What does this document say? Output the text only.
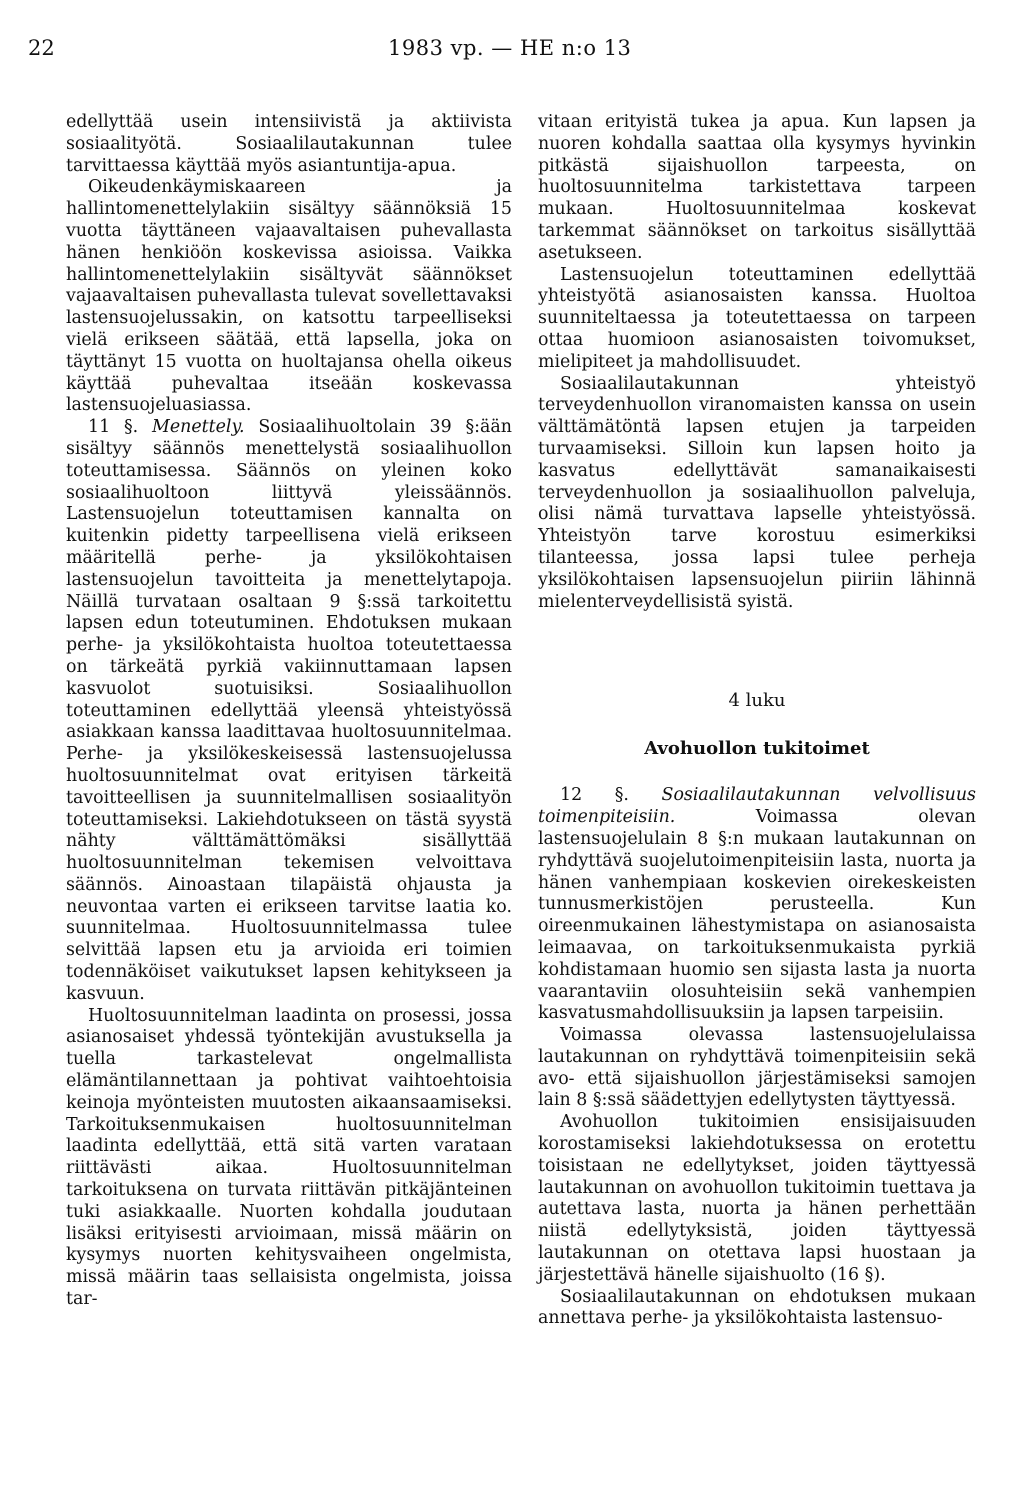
22	1983 vp. — HE n:o 13

edellyttää usein intensiivistä ja aktiivista sosiaalityötä. Sosiaalilautakunnan tulee tarvittaessa käyttää myös asiantuntija-apua.

Oikeudenkäymiskaareen ja hallintomenettelylakiin sisältyy säännöksiä 15 vuotta täyttäneen vajaavaltaisen puhevallasta hänen henkiöön koskevissa asioissa. Vaikka hallintomenettelylakiin sisältyvät säännökset vajaavaltaisen puhevallasta tulevat sovellettavaksi lastensuojelussakin, on katsottu tarpeelliseksi vielä erikseen säätää, että lapsella, joka on täyttänyt 15 vuotta on huoltajansa ohella oikeus käyttää puhevaltaa itseään koskevassa lastensuojeluasiassa.

11 §. Menettely. Sosiaalihuoltolain 39 §:ään sisältyy säännös menettelystä sosiaalihuollon toteuttamisessa. Säännös on yleinen koko sosiaalihuoltoon liittyvä yleissäännös. Lastensuojelun toteuttamisen kannalta on kuitenkin pidetty tarpeellisena vielä erikseen määritellä perhe- ja yksilökohtaisen lastensuojelun tavoitteita ja menettelytapoja. Näillä turvataan osaltaan 9 §:ssä tarkoitettu lapsen edun toteutuminen. Ehdotuksen mukaan perhe- ja yksilökohtaista huoltoa toteutettaessa on tärkeätä pyrkiä vakiinnuttamaan lapsen kasvuolot suotuisiksi. Sosiaalihuollon toteuttaminen edellyttää yleensä yhteistyössä asiakkaan kanssa laadittavaa huoltosuunnitelmaa. Perhe- ja yksilökeskeisessä lastensuojelussa huoltosuunnitelmat ovat erityisen tärkeitä tavoitteellisen ja suunnitelmallisen sosiaalityön toteuttamiseksi. Lakiehdotukseen on tästä syystä nähty välttämättömäksi sisällyttää huoltosuunnitelman tekemisen velvoittava säännös. Ainoastaan tilapäistä ohjausta ja neuvontaa varten ei erikseen tarvitse laatia ko. suunnitelmaa. Huoltosuunnitelmassa tulee selvittää lapsen etu ja arvioida eri toimien todennäköiset vaikutukset lapsen kehitykseen ja kasvuun.

Huoltosuunnitelman laadinta on prosessi, jossa asianosaiset yhdessä työntekijän avustuksella ja tuella tarkastelevat ongelmallista elämäntilannettaan ja pohtivat vaihtoehtoisia keinoja myönteisten muutosten aikaansaamiseksi. Tarkoituksenmukaisen huoltosuunnitelman laadinta edellyttää, että sitä varten varataan riittävästi aikaa. Huoltosuunnitelman tarkoituksena on turvata riittävän pitkäjänteinen tuki asiakkaalle. Nuorten kohdalla joudutaan lisäksi erityisesti arvioimaan, missä määrin on kysymys nuorten kehitysvaiheen ongelmista, missä määrin taas sellaisista ongelmista, joissa tar-

vitaan erityistä tukea ja apua. Kun lapsen ja nuoren kohdalla saattaa olla kysymys hyvinkin pitkästä sijaishuollon tarpeesta, on huoltosuunnitelma tarkistettava tarpeen mukaan. Huoltosuunnitelmaa koskevat tarkemmat säännökset on tarkoitus sisällyttää asetukseen.

Lastensuojelun toteuttaminen edellyttää yhteistyötä asianosaisten kanssa. Huoltoa suunniteltaessa ja toteutettaessa on tarpeen ottaa huomioon asianosaisten toivomukset, mielipiteet ja mahdollisuudet.

Sosiaalilautakunnan yhteistyö terveydenhuollon viranomaisten kanssa on usein välttämätöntä lapsen etujen ja tarpeiden turvaamiseksi. Silloin kun lapsen hoito ja kasvatus edellyttävät samanaikaisesti terveydenhuollon ja sosiaalihuollon palveluja, olisi nämä turvattava lapselle yhteistyössä. Yhteistyön tarve korostuu esimerkiksi tilanteessa, jossa lapsi tulee perheja yksilökohtaisen lapsensuojelun piiriin lähinnä mielenterveydellisistä syistä.

4 luku
Avohuollon tukitoimet

12 §. Sosiaalilautakunnan velvollisuus toimenpiteisiin. Voimassa olevan lastensuojelulain 8 §:n mukaan lautakunnan on ryhdyttävä suojelutoimenpiteisiin lasta, nuorta ja hänen vanhempiaan koskevien oirekeskeisten tunnusmerkistöjen perusteella. Kun oireenmukainen lähestymistapa on asianosaista leimaavaa, on tarkoituksenmukaista pyrkiä kohdistamaan huomio sen sijasta lasta ja nuorta vaarantaviin olosuhteisiin sekä vanhempien kasvatusmahdollisuuksiin ja lapsen tarpeisiin.

Voimassa olevassa lastensuojelulaissa lautakunnan on ryhdyttävä toimenpiteisiin sekä avo- että sijaishuollon järjestämiseksi samojen lain 8 §:ssä säädettyjen edellytysten täyttyessä.

Avohuollon tukitoimien ensisijaisuuden korostamiseksi lakiehdotuksessa on erotettu toisistaan ne edellytykset, joiden täyttyessä lautakunnan on avohuollon tukitoimin tuettava ja autettava lasta, nuorta ja hänen perhettään niistä edellytyksistä, joiden täyttyessä lautakunnan on otettava lapsi huostaan ja järjestettävä hänelle sijaishuolto (16 §).

Sosiaalilautakunnan on ehdotuksen mukaan annettava perhe- ja yksilökohtaista lastensuo-
